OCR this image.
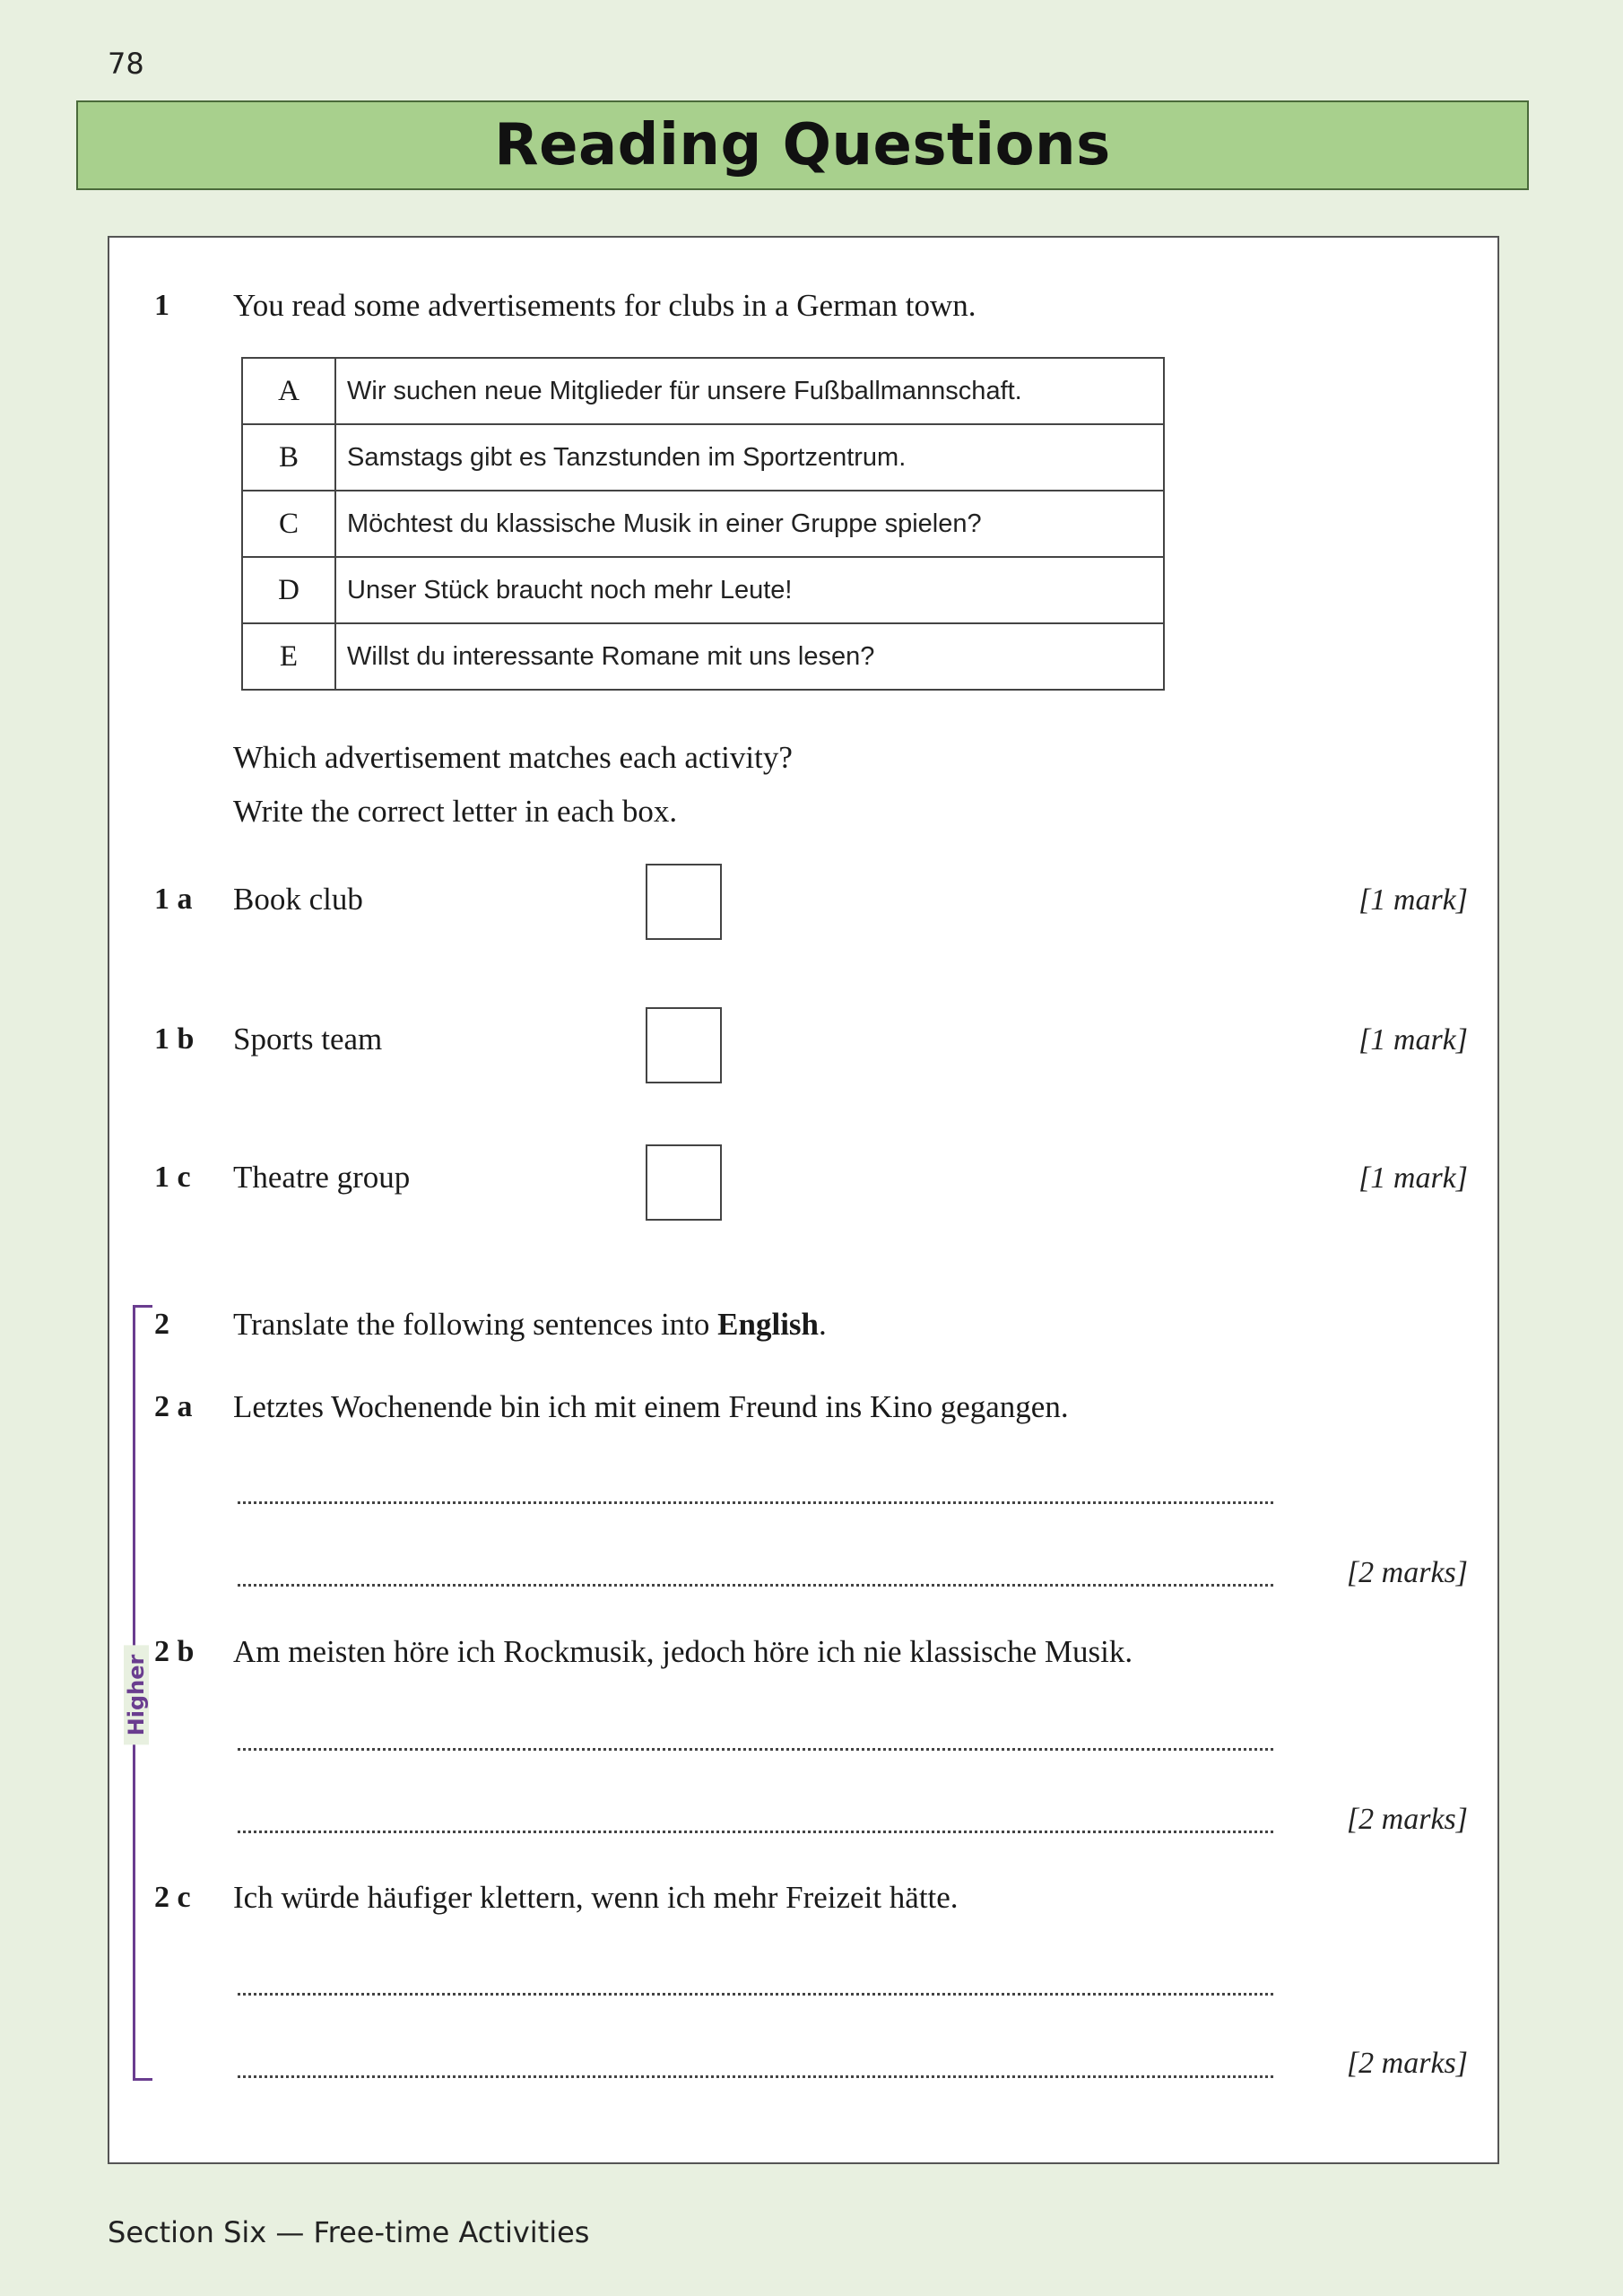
78
Reading Questions
1 You read some advertisements for clubs in a German town.
A	Wir suchen neue Mitglieder für unsere Fußballmannschaft.
B	Samstags gibt es Tanzstunden im Sportzentrum.
C	Möchtest du klassische Musik in einer Gruppe spielen?
D	Unser Stück braucht noch mehr Leute!
E	Willst du interessante Romane mit uns lesen?
Which advertisement matches each activity?
Write the correct letter in each box.
1 a Book club	[1 mark]
1 b Sports team	[1 mark]
1 c Theatre group	[1 mark]
2 Translate the following sentences into English.
2 a Letztes Wochenende bin ich mit einem Freund ins Kino gegangen.
[2 marks]
2 b Am meisten höre ich Rockmusik, jedoch höre ich nie klassische Musik.
[2 marks]
2 c Ich würde häufiger klettern, wenn ich mehr Freizeit hätte.
[2 marks]
Higher
Section Six — Free-time Activities
